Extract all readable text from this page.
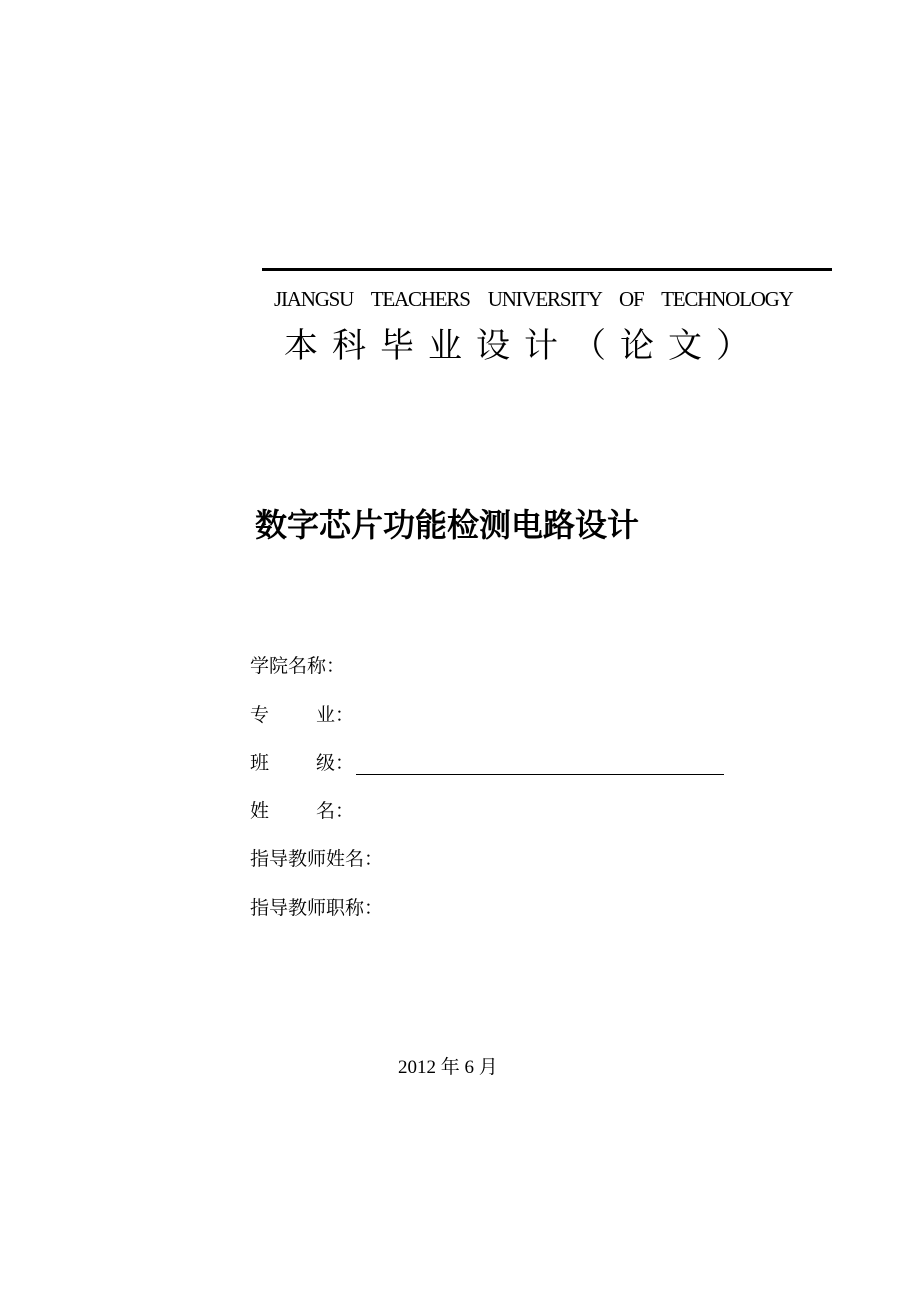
JIANGSU TEACHERS UNIVERSITY OF TECHNOLOGY
本科毕业设计（论文）
数字芯片功能检测电路设计
学院名称：
专 业：
班 级：
姓 名：
指导教师姓名：
指导教师职称：
2012 年 6 月
